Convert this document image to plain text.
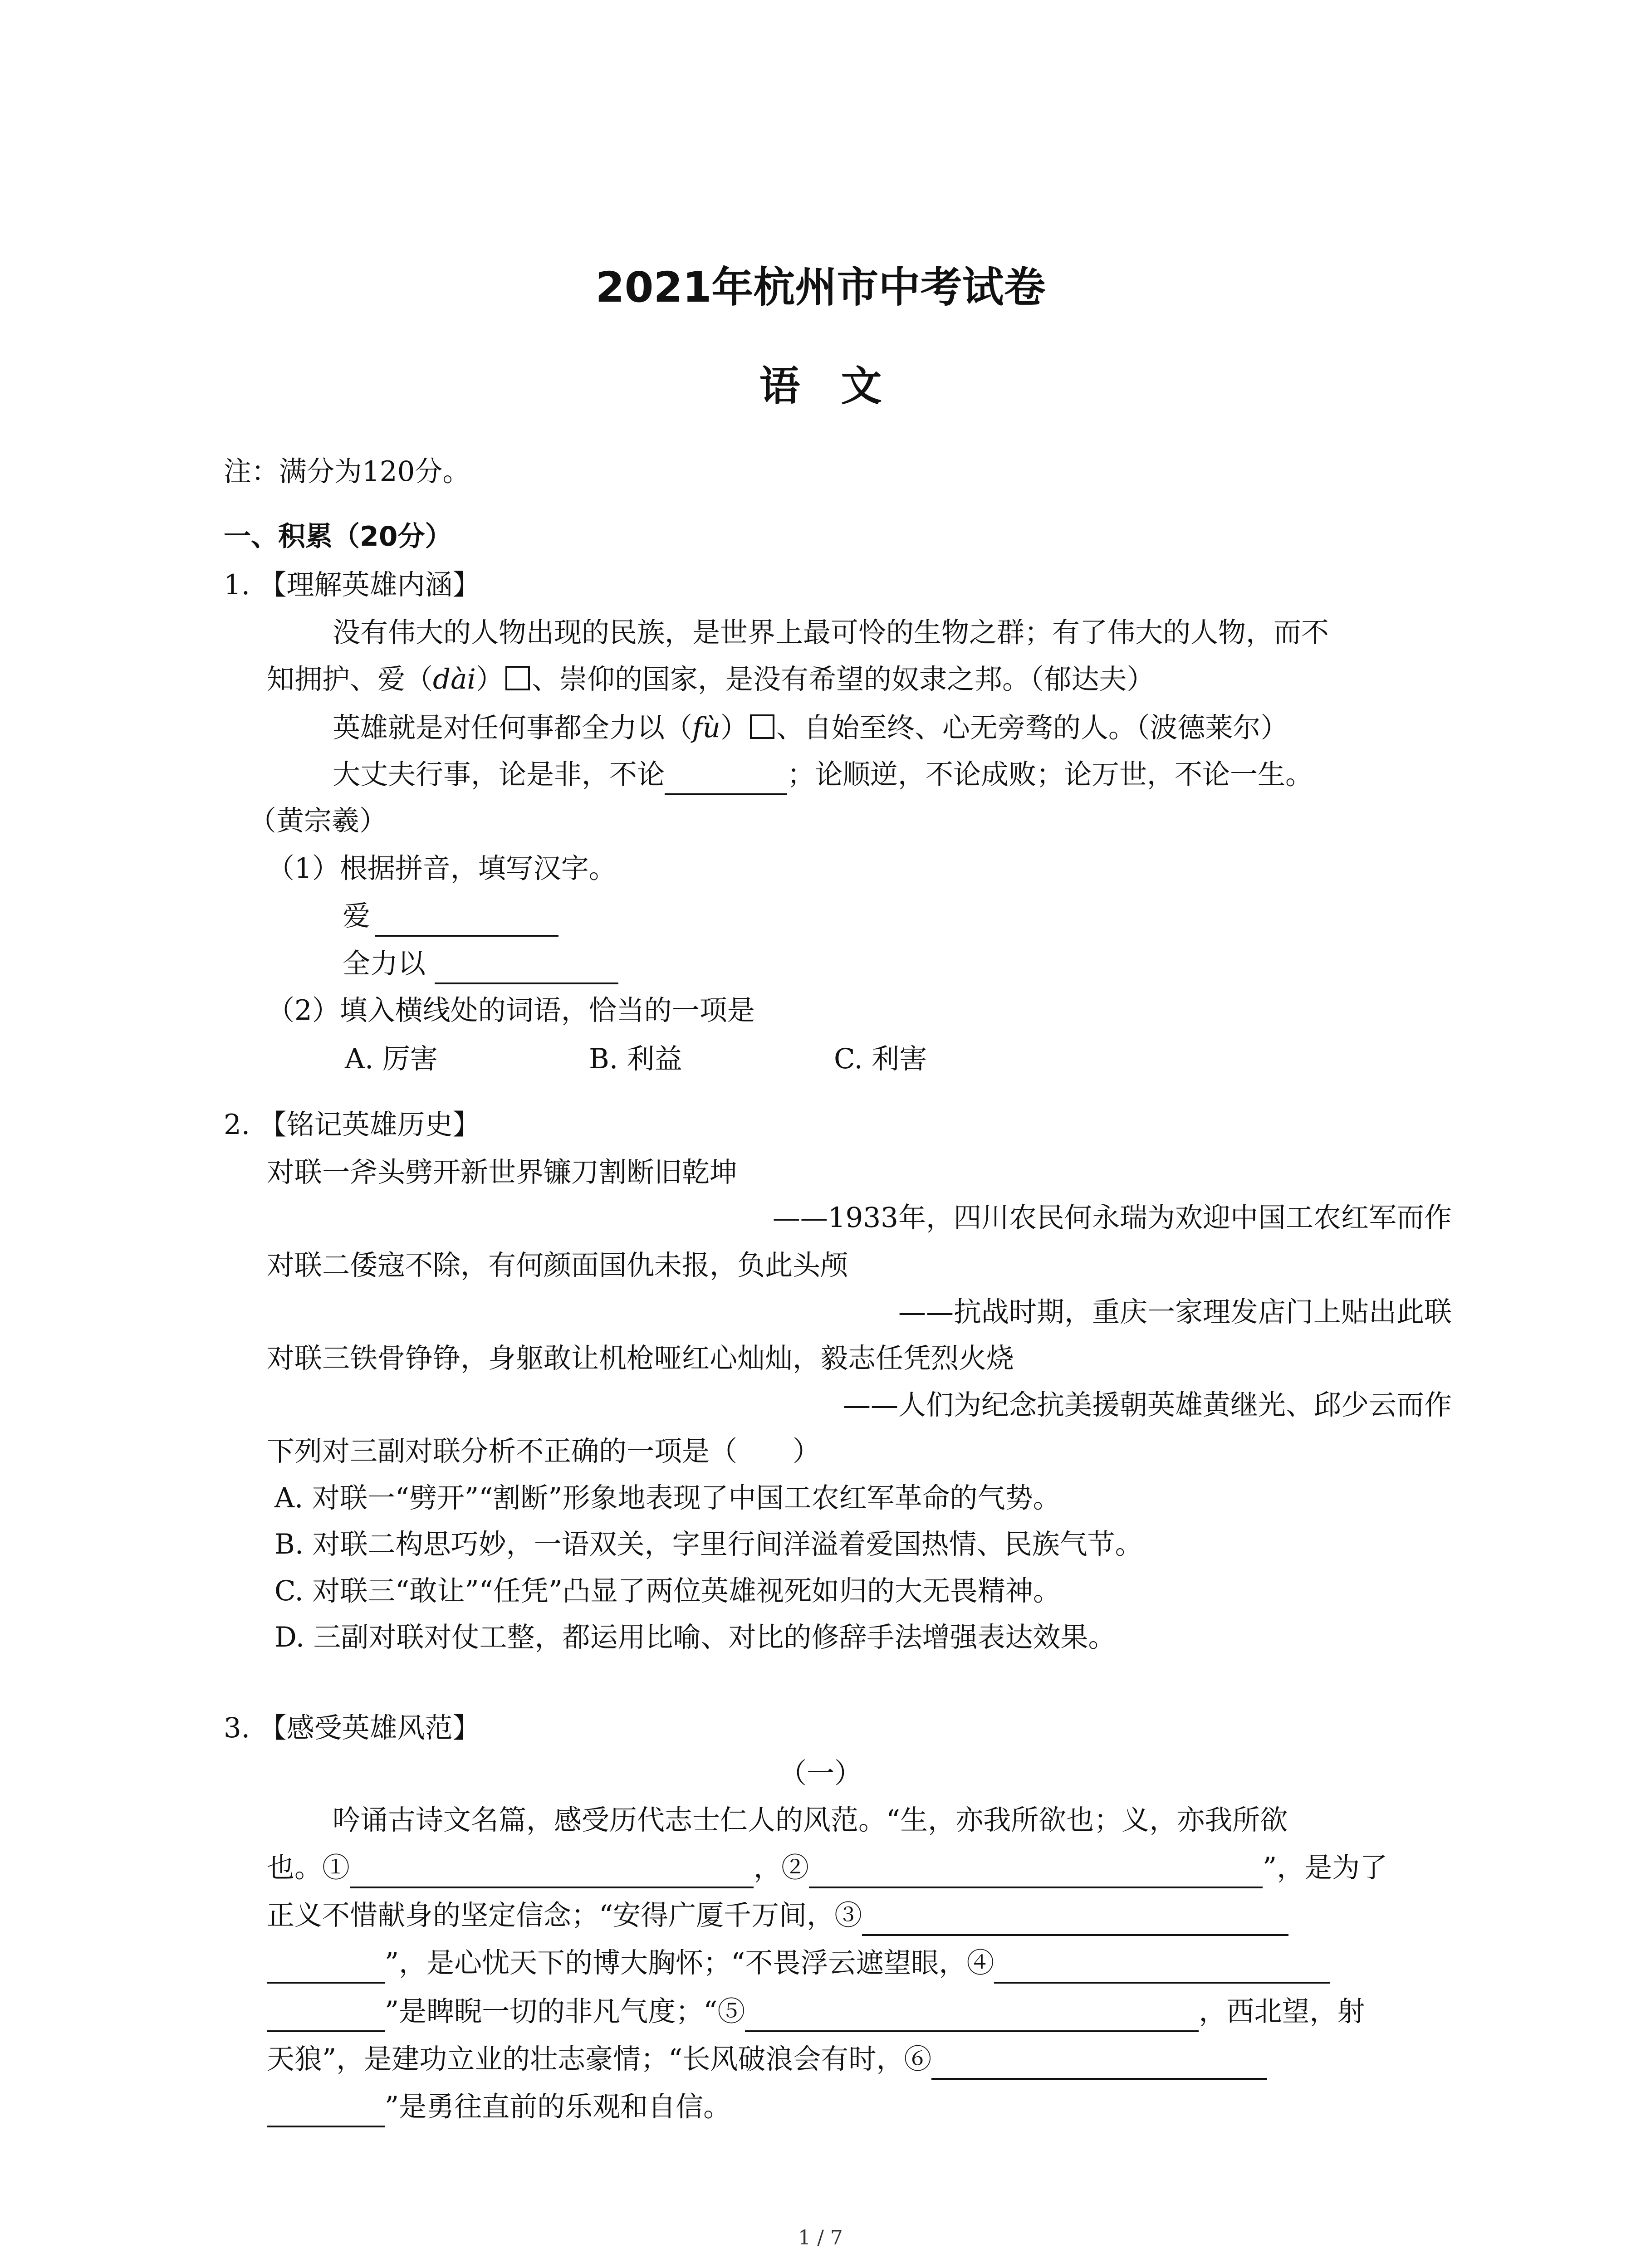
2021年杭州市中考试卷
语　文
注：满分为120分。
一、积累（20分）
1. 【理解英雄内涵】
没有伟大的人物出现的民族，是世界上最可怜的生物之群；有了伟大的人物，而不
知拥护、爱（dài） 、崇仰的国家，是没有希望的奴隶之邦。（郁达夫）
英雄就是对任何事都全力以（fù） 、自始至终、心无旁骛的人。（波德莱尔）
大丈夫行事，论是非，不论	；论顺逆，不论成败；论万世，不论一生。
（黄宗羲）
（1）根据拼音，填写汉字。
爱
全力以
（2）填入横线处的词语，恰当的一项是
A. 厉害	B. 利益	C. 利害
2. 【铭记英雄历史】
对联一斧头劈开新世界镰刀割断旧乾坤
——1933年，四川农民何永瑞为欢迎中国工农红军而作
对联二倭寇不除，有何颜面国仇未报，负此头颅
——抗战时期，重庆一家理发店门上贴出此联
对联三铁骨铮铮，身躯敢让机枪哑红心灿灿，毅志任凭烈火烧
——人们为纪念抗美援朝英雄黄继光、邱少云而作
下列对三副对联分析不正确的一项是（　　）
A. 对联一“劈开”“割断”形象地表现了中国工农红军革命的气势。
B. 对联二构思巧妙，一语双关，字里行间洋溢着爱国热情、民族气节。
C. 对联三“敢让”“任凭”凸显了两位英雄视死如归的大无畏精神。
D. 三副对联对仗工整，都运用比喻、对比的修辞手法增强表达效果。
3. 【感受英雄风范】
（一）
吟诵古诗文名篇，感受历代志士仁人的风范。“生，亦我所欲也；义，亦我所欲
也。①	，②	”，是为了
正义不惜献身的坚定信念；“安得广厦千万间，③
”，是心忧天下的博大胸怀；“不畏浮云遮望眼，④
”是睥睨一切的非凡气度；“⑤	，西北望，射
天狼”，是建功立业的壮志豪情；“长风破浪会有时，⑥
”是勇往直前的乐观和自信。
1 / 7
